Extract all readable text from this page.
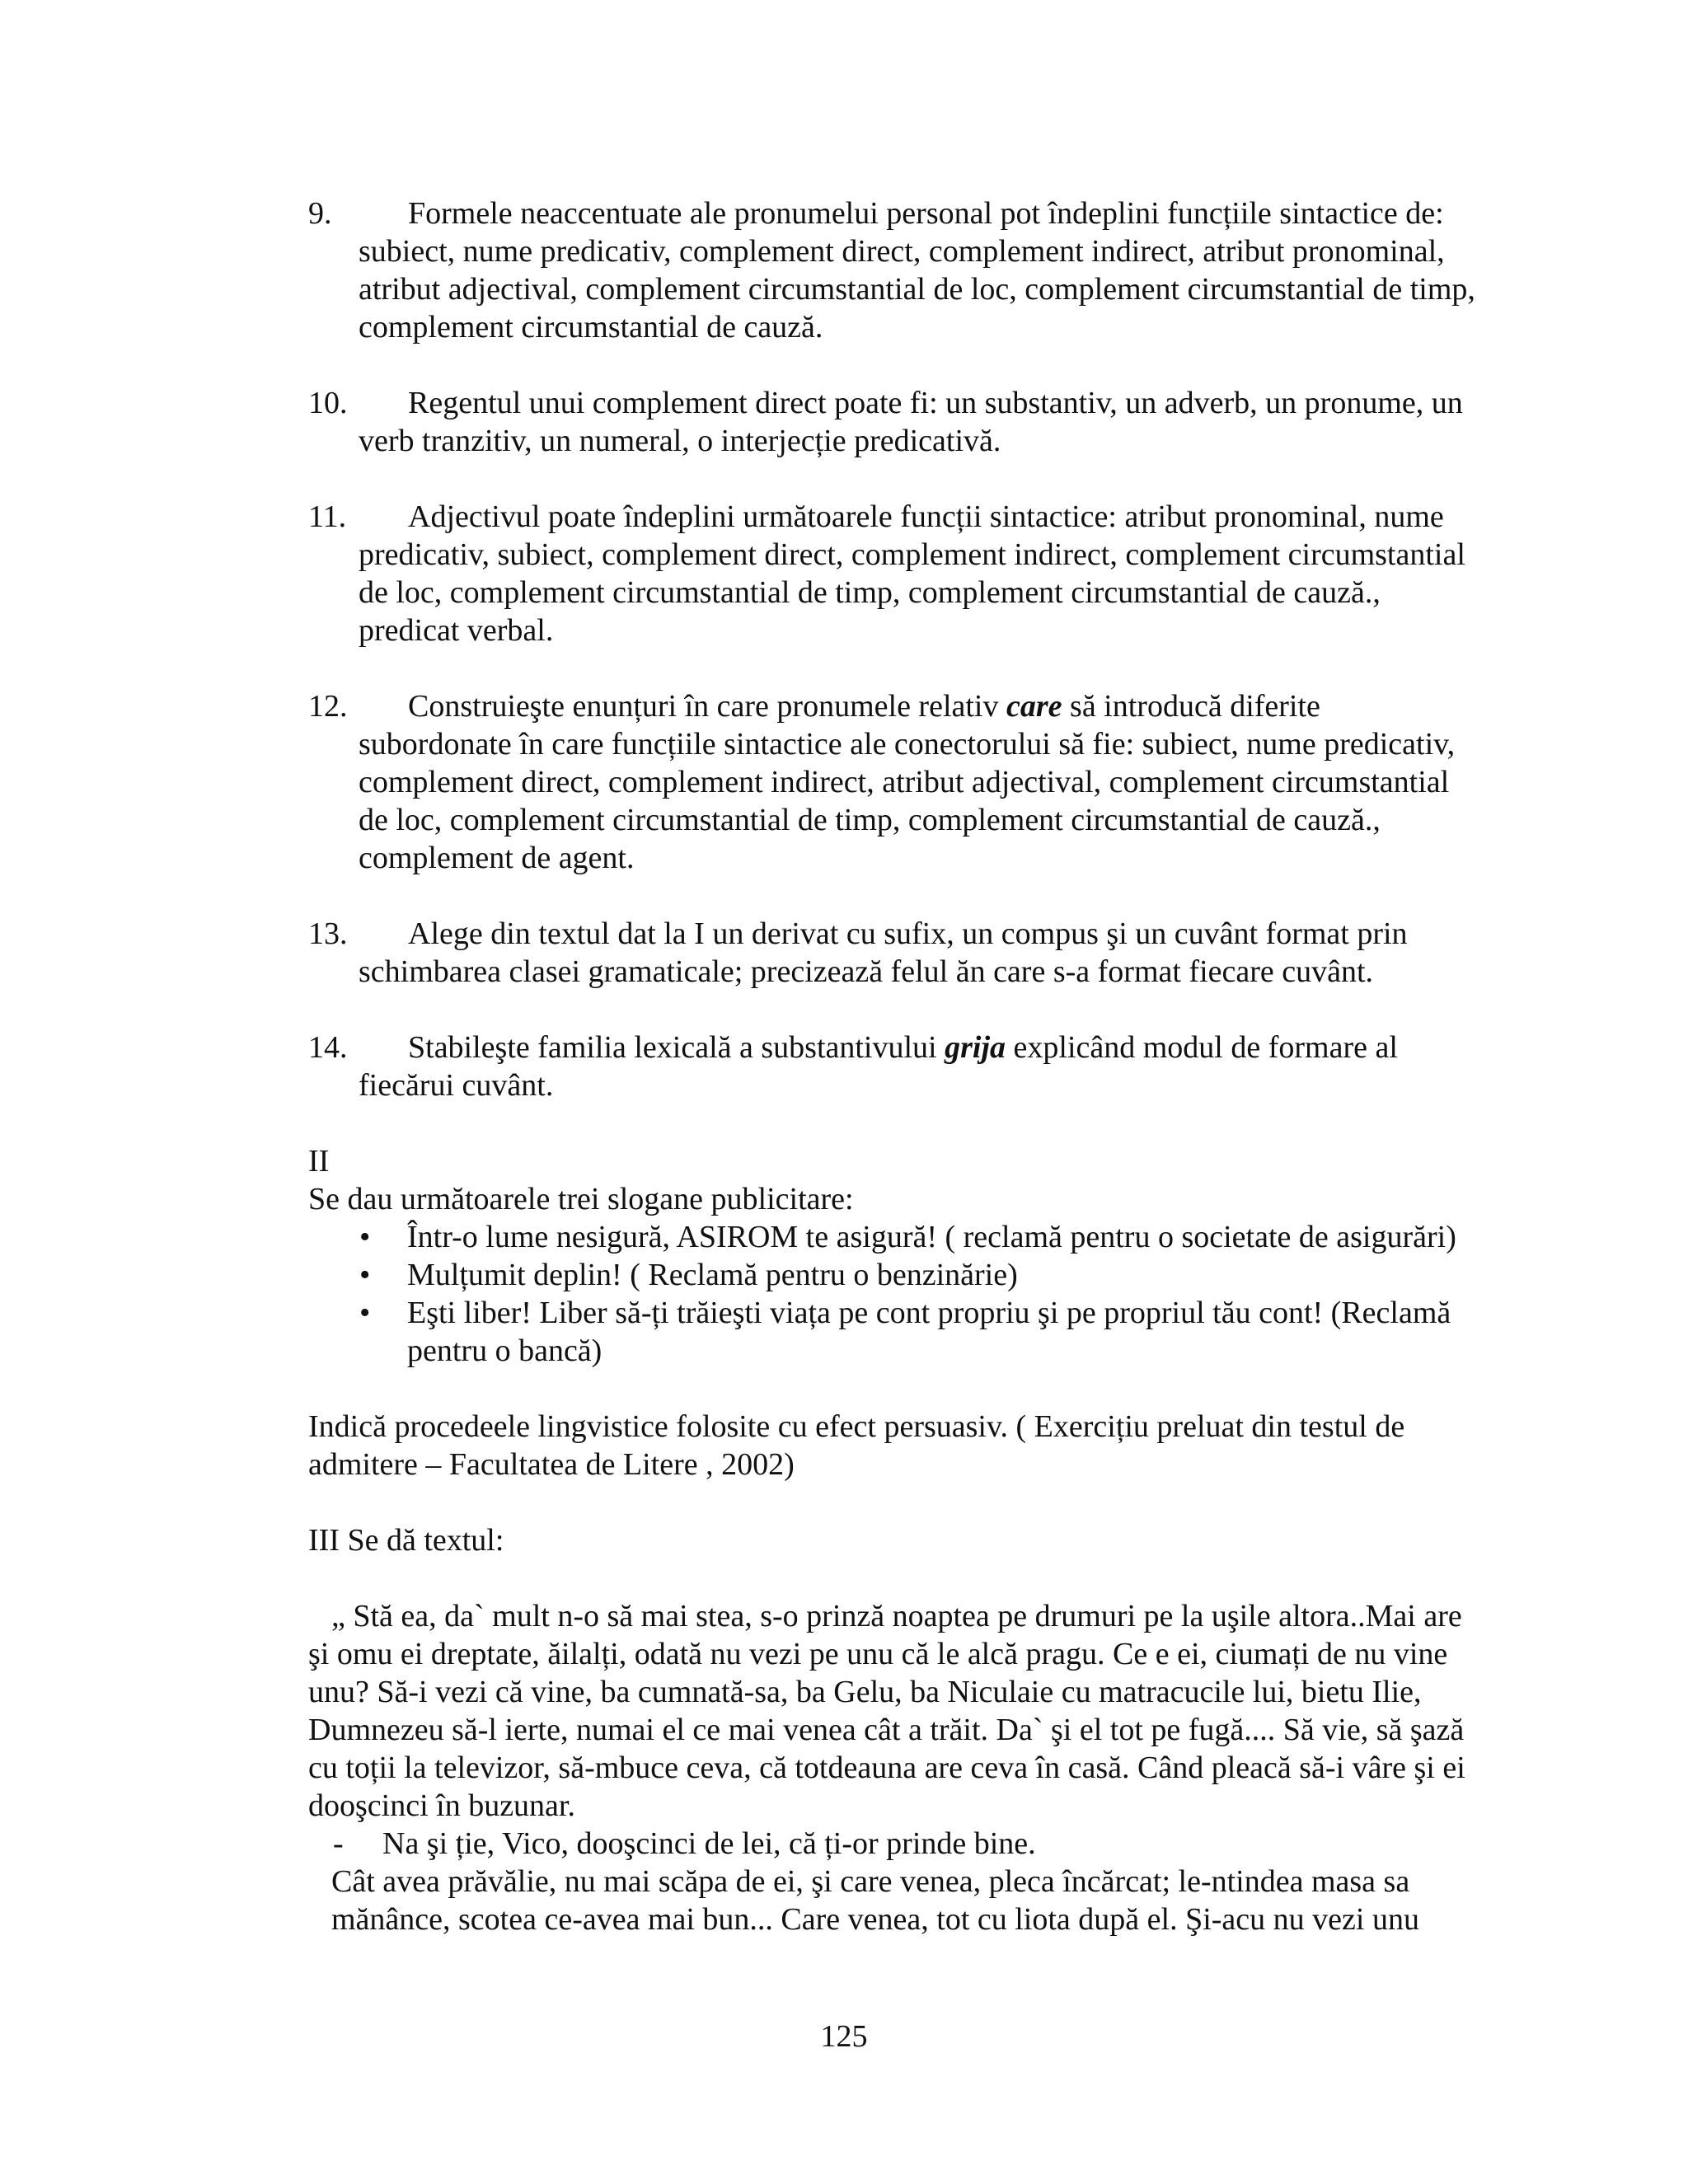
9. Formele neaccentuate ale pronumelui personal pot îndeplini funcțiile sintactice de: subiect, nume predicativ, complement direct, complement indirect, atribut pronominal, atribut adjectival, complement circumstantial de loc, complement circumstantial de timp, complement circumstantial de cauză.
10. Regentul unui complement direct poate fi: un substantiv, un adverb, un pronume, un verb tranzitiv, un numeral, o interjecție predicativă.
11. Adjectivul poate îndeplini următoarele funcții sintactice: atribut pronominal, nume predicativ, subiect, complement direct, complement indirect, complement circumstantial de loc, complement circumstantial de timp, complement circumstantial de cauză., predicat verbal.
12. Construieşte enunțuri în care pronumele relativ care să introducă diferite subordonate în care funcțiile sintactice ale conectorului să fie: subiect, nume predicativ, complement direct, complement indirect, atribut adjectival, complement circumstantial de loc, complement circumstantial de timp, complement circumstantial de cauză., complement de agent.
13. Alege din textul dat la I un derivat cu sufix, un compus şi un cuvânt format prin schimbarea clasei gramaticale; precizează felul ăn care s-a format fiecare cuvânt.
14. Stabileşte familia lexicală a substantivului grija explicând modul de formare al fiecărui cuvânt.
II
Se dau următoarele trei slogane publicitare:
• Într-o lume nesigură, ASIROM te asigură! ( reclamă pentru o societate de asigurări)
• Mulțumit deplin! ( Reclamă pentru o benzinărie)
• Eşti liber! Liber să-ți trăieşti viața pe cont propriu şi pe propriul tău cont! (Reclamă pentru o bancă)

Indică procedeele lingvistice folosite cu efect persuasiv. ( Exercițiu preluat din testul de admitere – Facultatea de Litere , 2002)

III Se dă textul:

„ Stă ea, da` mult n-o să mai stea, s-o prinză noaptea pe drumuri pe la uşile altora..Mai are şi omu ei dreptate, ăilalți, odată nu vezi pe unu că le alcă pragu. Ce e ei, ciumați de nu vine unu? Să-i vezi că vine, ba cumnată-sa, ba Gelu, ba Niculaie cu matracucile lui, bietu Ilie, Dumnezeu să-l ierte, numai el ce mai venea cât a trăit. Da` şi el tot pe fugă.... Să vie, să şază cu toții la televizor, să-mbuce ceva, că totdeauna are ceva în casă. Când pleacă să-i vâre şi ei dooşcinci în buzunar.

- Na şi ție, Vico, dooşcinci de lei, că ți-or prinde bine.

Cât avea prăvălie, nu mai scăpa de ei, şi care venea, pleca încărcat; le-ntindea masa sa mănânce, scotea ce-avea mai bun... Care venea, tot cu liota după el. Şi-acu nu vezi unu

125
